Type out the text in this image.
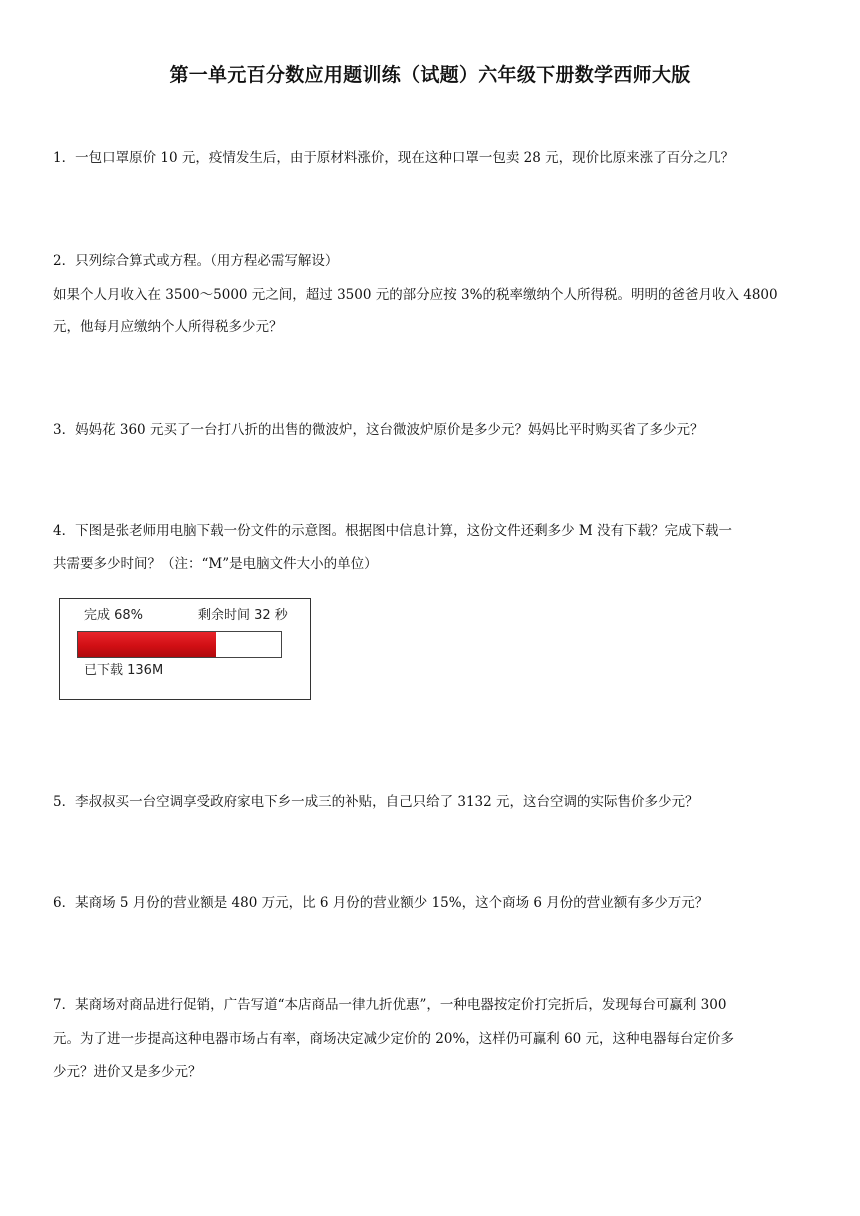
第一单元百分数应用题训练（试题）六年级下册数学西师大版
1．一包口罩原价 10 元，疫情发生后，由于原材料涨价，现在这种口罩一包卖 28 元，现价比原来涨了百分之几？
2．只列综合算式或方程。（用方程必需写解设）
如果个人月收入在 3500～5000 元之间，超过 3500 元的部分应按 3%的税率缴纳个人所得税。明明的爸爸月收入 4800
元，他每月应缴纳个人所得税多少元？
3．妈妈花 360 元买了一台打八折的出售的微波炉，这台微波炉原价是多少元？妈妈比平时购买省了多少元？
4．下图是张老师用电脑下载一份文件的示意图。根据图中信息计算，这份文件还剩多少 M 没有下载？完成下载一
共需要多少时间？（注：“M”是电脑文件大小的单位）
完成 68%	剩余时间 32 秒
已下载 136M
5．李叔叔买一台空调享受政府家电下乡一成三的补贴，自己只给了 3132 元，这台空调的实际售价多少元？
6．某商场 5 月份的营业额是 480 万元，比 6 月份的营业额少 15%，这个商场 6 月份的营业额有多少万元？
7．某商场对商品进行促销，广告写道“本店商品一律九折优惠”，一种电器按定价打完折后，发现每台可赢利 300
元。为了进一步提高这种电器市场占有率，商场决定减少定价的 20%，这样仍可赢利 60 元，这种电器每台定价多
少元？进价又是多少元？
